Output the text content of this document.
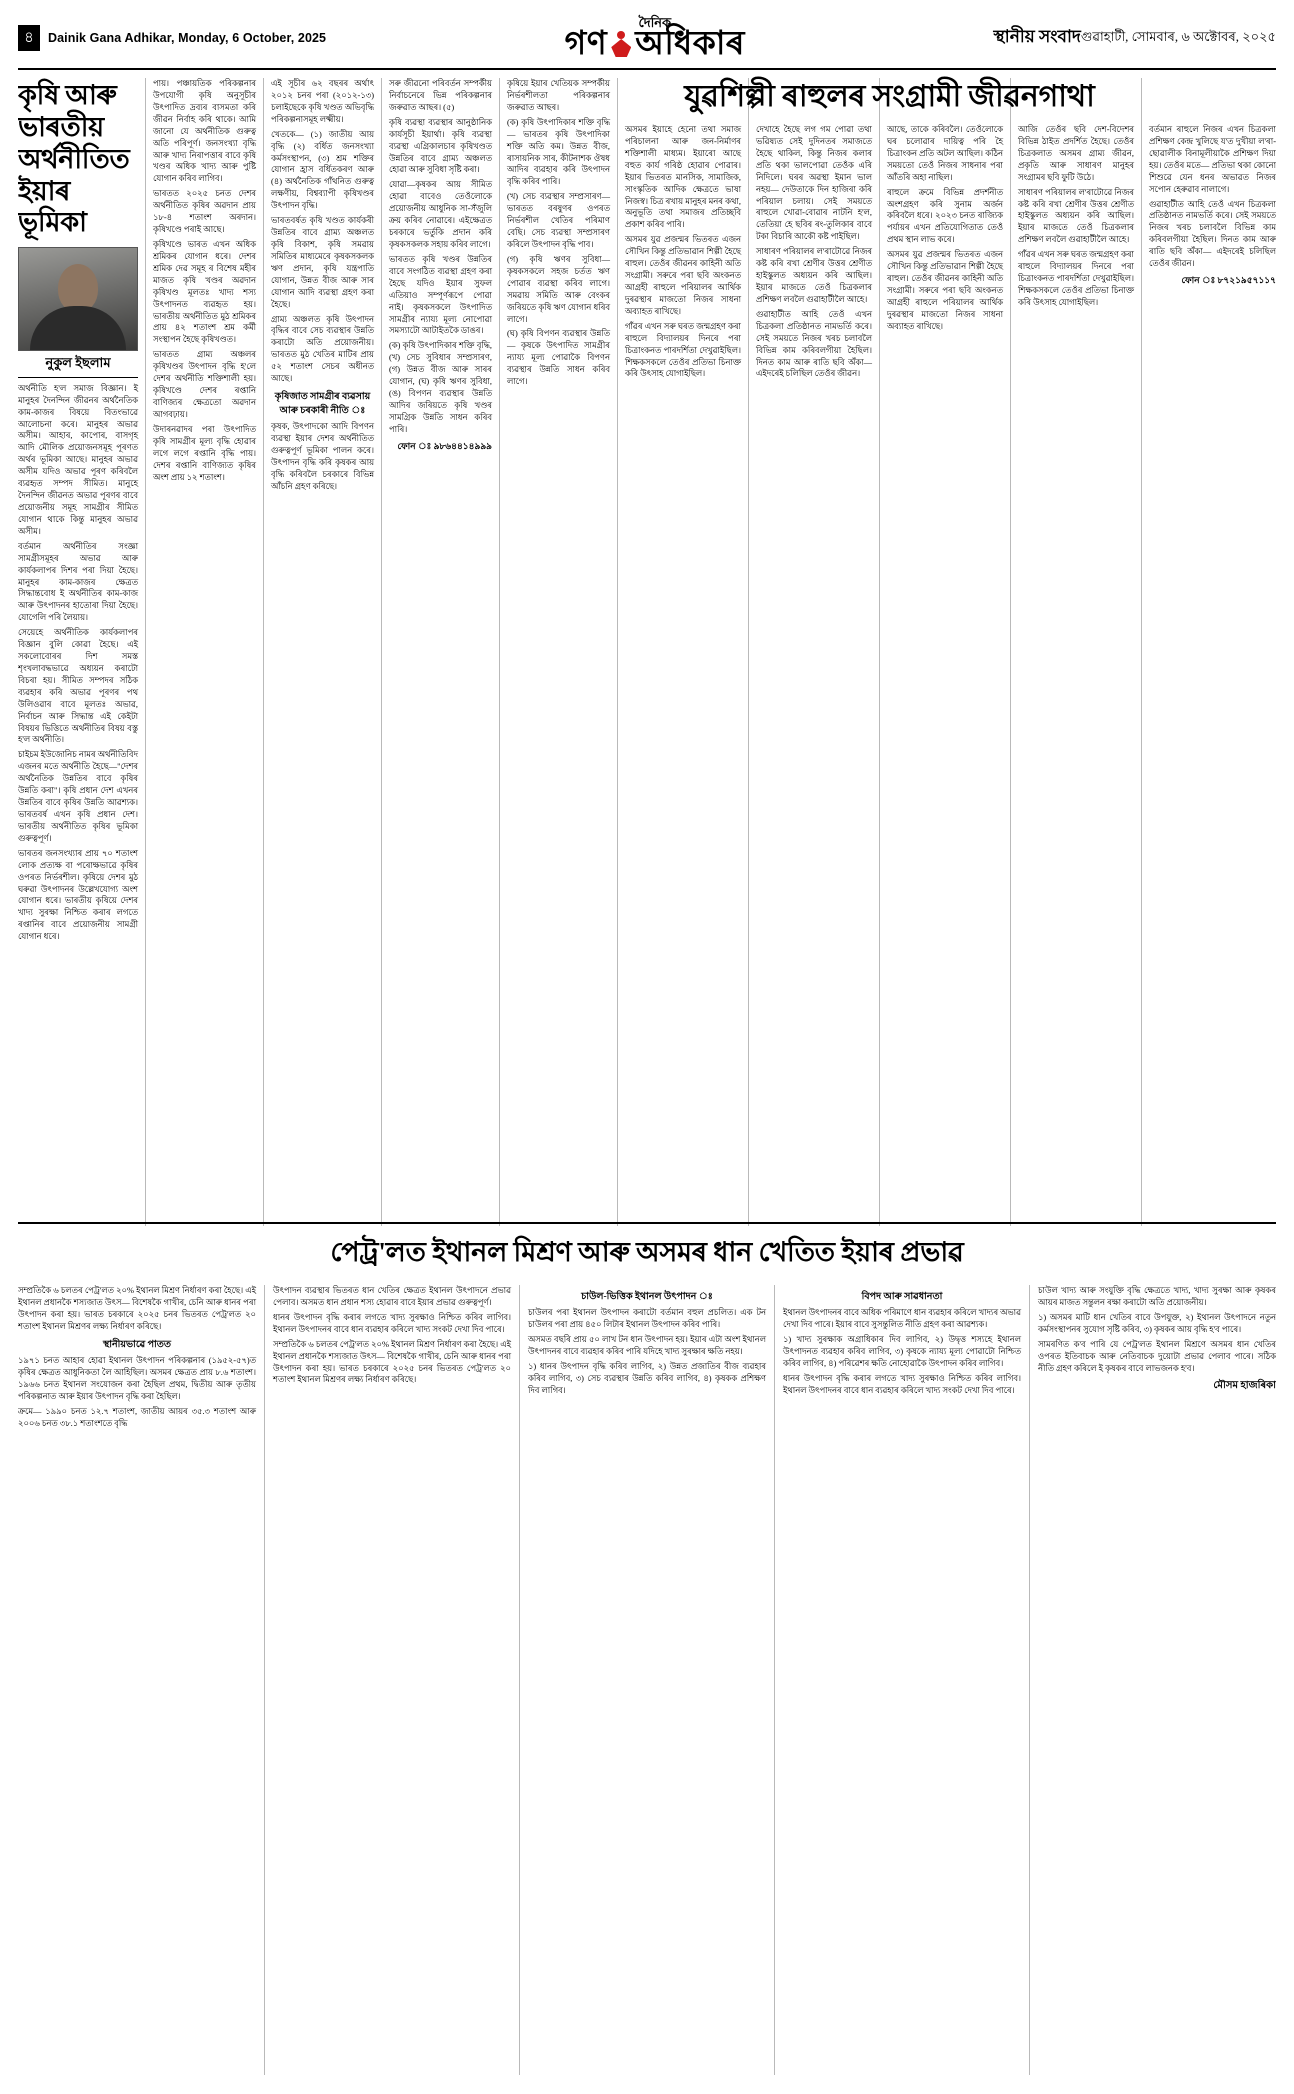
৪	Dainik Gana Adhikar, Monday, 6 October, 2025
দৈনিক
গণ অধিকাৰ	স্থানীয় সংবাদ গুৱাহাটী, সোমবাৰ, ৬ অক্টোবৰ, ২০২৫
কৃষি আৰু ভাৰতীয় অৰ্থনীতিত ইয়াৰ ভূমিকা
নুকুল ইছলাম

অৰ্থনীতি হ'ল সমাজ বিজ্ঞান। ই মানুহৰ দৈনন্দিন জীৱনৰ অৰ্থনৈতিক কাম-কাজৰ বিষয়ে বিতংভাৱে আলোচনা কৰে। মানুহৰ অভাৱ অসীম। আহাৰ, কাপোৰ, বাসগৃহ আদি মৌলিক প্ৰয়োজনসমূহ পূৰণত অৰ্থৰ ভূমিকা আছে। মানুহৰ অভাৱ অসীম যদিও অভাৱ পূৰণ কৰিবলৈ ব্যৱহৃত সম্পদ সীমিত। মানুহে দৈনন্দিন জীৱনত অভাৱ পূৰণৰ বাবে প্ৰয়োজনীয় সমূহ সামগ্ৰীৰ সীমিত যোগান থাকে কিন্তু মানুহৰ অভাৱ অসীম।

বৰ্তমান অৰ্থনীতিৰ সংজ্ঞা সামগ্ৰীসমূহৰ অভাৱ আৰু কাৰ্যকলাপৰ দিশৰ পৰা দিয়া হৈছে। মানুহৰ কাম-কাজৰ ক্ষেত্ৰত সিদ্ধান্তবোধ ই অৰ্থনীতিৰ কাম-কাজ আৰু উৎপাদনৰ হাতোৰা দিয়া হৈছে। যোগেলি পৰি লৈয়ায়।

সেয়েহে অৰ্থনীতিক কাৰ্যকলাপৰ বিজ্ঞান বুলি কোৱা হৈছে। এই সকলোবোৰৰ দিশ সমস্ত শৃংখলাবদ্ধভাৱে অধ্যয়ন কৰাটো বিচৰা হয়। সীমিত সম্পদৰ সঠিক ব্যৱহাৰ কৰি অভাৱ পূৰণৰ পথ উলিওৱাৰ বাবে মূলতঃ অভাৱ, নিৰ্বাচন আৰু সিদ্ধান্ত এই কেইটা বিষয়ৰ ভিত্তিতে অৰ্থনীতিৰ বিষয় বস্তু হ'ল অৰ্থনীতি।

চাইচম ইউজোনিচ নামৰ অৰ্থনীতিবিদ এজনৰ মতে অৰ্থনীতি হৈছে—"দেশৰ অৰ্থনৈতিক উন্নতিৰ বাবে কৃষিৰ উন্নতি কৰা"। কৃষি প্ৰধান দেশ এখনৰ উন্নতিৰ বাবে কৃষিৰ উন্নতি আৱশ্যক। ভাৰতবৰ্ষ এখন কৃষি প্ৰধান দেশ। ভাৰতীয় অৰ্থনীতিত কৃষিৰ ভূমিকা গুৰুত্বপূৰ্ণ।

ভাৰতৰ জনসংখ্যাৰ প্ৰায় ৭০ শতাংশ লোক প্ৰত্যক্ষ বা পৰোক্ষভাৱে কৃষিৰ ওপৰত নিৰ্ভৰশীল। কৃষিয়ে দেশৰ মুঠ ঘৰুৱা উৎপাদনৰ উল্লেখযোগ্য অংশ যোগান ধৰে। ভাৰতীয় কৃষিয়ে দেশৰ খাদ্য সুৰক্ষা নিশ্চিত কৰাৰ লগতে ৰপ্তানিৰ বাবে প্ৰয়োজনীয় সামগ্ৰী যোগান ধৰে।

পায়। পঞ্চায়তিক পৰিকল্পনাৰ উপযোগী কৃষি অনুসূচীৰ উৎপাদিত দ্ৰব্যৰ বাসমতা কৰি জীৱন নিৰ্বাহ কৰি থাকে। আমি জানো যে অৰ্থনীতিক গুৰুত্ব অতি পৰিপূৰ্ণ। জনসংখ্যা বৃদ্ধি আৰু খাদ্য নিৰাপত্তাৰ বাবে কৃষি খণ্ডৰ অধিক খাদ্য আৰু পুষ্টি যোগান কৰিব লাগিব।

ভাৰতত ২০২৫ চনত দেশৰ অৰ্থনীতিত কৃষিৰ অৱদান প্ৰায় ১৮-৪ শতাংশ অৰদান। কৃষিখণ্ডে পৰাই আছে।

কৃষিখণ্ডে ভাৰত এখন অধিক শ্ৰমিকৰ যোগান ধৰে। দেশৰ শ্ৰমিক দেৱ সমূহ ৰ বিশেষ মহীৰ মাজত কৃষি খণ্ডৰ অৱদান কৃষিখণ্ড মূলতঃ খাদ্য শস্য উৎপাদনত ব্যৱহৃত হয়। ভাৰতীয় অৰ্থনীতিত মুঠ শ্ৰমিকৰ প্ৰায় ৪২ শতাংশ শ্ৰম কৰ্মী সংস্থাপন হৈছে কৃষিখণ্ডত।

ভাৰতত গ্ৰাম্য অঞ্চলৰ কৃষিখণ্ডৰ উৎপাদন বৃদ্ধি হ'লে দেশৰ অৰ্থনীতি শক্তিশালী হয়। কৃষিখণ্ডে দেশৰ ৰপ্তানি বাণিজ্যৰ ক্ষেত্ৰতো অৱদান আগবঢ়ায়।

উদাৰনৱাদৰ পৰা উৎপাদিত কৃষি সামগ্ৰীৰ মূল্য বৃদ্ধি হোৱাৰ লগে লগে ৰপ্তানি বৃদ্ধি পায়। দেশৰ ৰপ্তানি বাণিজ্যত কৃষিৰ অংশ প্ৰায় ১২ শতাংশ।

এই সূচীৰ ৬২ বছৰৰ অৰ্থাৎ ২০১২ চনৰ পৰা (২০১২-১৩) চলাইছেকে কৃষি খণ্ডত অভিবৃদ্ধি পৰিকল্পনাসমূহ লক্ষ্মীয়।

খেতকে— (১) জাতীয় আয় বৃদ্ধি (২) বৰ্ধিত জনসংখ্যা কৰ্মসংস্থাপন, (৩) শ্ৰম শক্তিৰ যোগান হ্ৰাস বৰ্ধিতকৰণ আৰু (৪) অৰ্থনৈতিক গাঁথনিত গুৰুত্ব লক্ষণীয়, বিশ্বব্যাপী কৃষিখণ্ডৰ উৎপাদন বৃদ্ধি।

ভাৰতবৰ্ষত কৃষি খণ্ডত কাৰ্যকৰী উন্নতিৰ বাবে গ্ৰাম্য অঞ্চলত কৃষি বিকাশ, কৃষি সমৱায় সমিতিৰ মাধ্যমেৰে কৃষকসকলক ঋণ প্ৰদান, কৃষি যন্ত্ৰপাতি যোগান, উন্নত বীজ আৰু সাৰ যোগান আদি ব্যৱস্থা গ্ৰহণ কৰা হৈছে।

গ্ৰাম্য অঞ্চলত কৃষি উৎপাদন বৃদ্ধিৰ বাবে সেচ ব্যৱস্থাৰ উন্নতি কৰাটো অতি প্ৰয়োজনীয়। ভাৰতত মুঠ খেতিৰ মাটিৰ প্ৰায় ৫২ শতাংশ সেচৰ অধীনত আছে।

কৃষিজাত সামগ্ৰীৰ ব্যৱসায় আৰু চৰকাৰী নীতি ঃ

কৃষক, উৎপাদকো আদি বিপণন ব্যৱস্থা ইয়াৰ দেশৰ অৰ্থনীতিত গুৰুত্বপূৰ্ণ ভূমিকা পালন কৰে। উৎপাদন বৃদ্ধি কৰি কৃষকৰ আয় বৃদ্ধি কৰিবলৈ চৰকাৰে বিভিন্ন আঁচনি গ্ৰহণ কৰিছে।

সৰু জীৱনো পৰিবৰ্তন সম্পৰ্কীয় নিৰ্বাচনেৰে ভিন্ন পৰিকল্পনাৰ জৰুৱাত আছৰ। (৫)

কৃষি ব্যৱস্থা ব্যৱস্থাৰ আনুষ্ঠানিক কাৰ্যসূচী ইয়াৰ্থা। কৃষি ব্যৱস্থা ব্যৱস্থা এগ্ৰিকালচাৰ কৃষিখণ্ডত উন্নতিৰ বাবে গ্ৰাম্য অঞ্চলত হোৱা আৰু সুবিধা সৃষ্টি কৰা।

যোৱা—কৃষকৰ আয় সীমিত হোৱা বাবেও তেওঁলোকে প্ৰয়োজনীয় আধুনিক সা-সঁজুলি ক্ৰয় কৰিব নোৱাৰে। এইক্ষেত্ৰত চৰকাৰে ভৰ্তুকি প্ৰদান কৰি কৃষকসকলক সহায় কৰিব লাগে।

ভাৰতত কৃষি খণ্ডৰ উন্নতিৰ বাবে সংগঠিত ব্যৱস্থা গ্ৰহণ কৰা হৈছে যদিও ইয়াৰ সুফল এতিয়াও সম্পূৰ্ণৰূপে পোৱা নাই। কৃষকসকলে উৎপাদিত সামগ্ৰীৰ ন্যায্য মূল্য নোপোৱা সমস্যাটো আটাইতকৈ ডাঙৰ।

(ক) কৃষি উৎপাদিকাৰ শক্তি বৃদ্ধি, (খ) সেচ সুবিধাৰ সম্প্ৰসাৰণ, (গ) উন্নত বীজ আৰু সাৰৰ যোগান, (ঘ) কৃষি ঋণৰ সুবিধা, (ঙ) বিপণন ব্যৱস্থাৰ উন্নতি আদিৰ জৰিয়তে কৃষি খণ্ডৰ সামগ্ৰিক উন্নতি সাধন কৰিব পাৰি।

ফোন ঃ ৯৮৬৪৪১৪৯৯৯

কৃষিয়ে ইয়াৰ খেতিয়ক সম্পৰ্কীয় নিৰ্ভৰশীলতা পৰিকল্পনাৰ জৰুৱাত আছৰ।

(ক) কৃষি উৎপাদিকাৰ শক্তি বৃদ্ধি— ভাৰতৰ কৃষি উৎপাদিকা শক্তি অতি কম। উন্নত বীজ, ৰাসায়নিক সাৰ, কীটনাশক ঔষধ আদিৰ ব্যৱহাৰ কৰি উৎপাদন বৃদ্ধি কৰিব পাৰি।

(খ) সেচ ব্যৱস্থাৰ সম্প্ৰসাৰণ— ভাৰতত বৰষুণৰ ওপৰত নিৰ্ভৰশীল খেতিৰ পৰিমাণ বেছি। সেচ ব্যৱস্থা সম্প্ৰসাৰণ কৰিলে উৎপাদন বৃদ্ধি পাব।

(গ) কৃষি ঋণৰ সুবিধা— কৃষকসকলে সহজ চৰ্তত ঋণ পোৱাৰ ব্যৱস্থা কৰিব লাগে। সমৱায় সমিতি আৰু বেংকৰ জৰিয়তে কৃষি ঋণ যোগান ধৰিব লাগে।

(ঘ) কৃষি বিপণন ব্যৱস্থাৰ উন্নতি— কৃষকে উৎপাদিত সামগ্ৰীৰ ন্যায্য মূল্য পোৱাকৈ বিপণন ব্যৱস্থাৰ উন্নতি সাধন কৰিব লাগে।

অসমৰ ইয়াহে হেনো তথা সমাজ পৰিচালনা আৰু জন-নিৰ্মাণৰ শক্তিশালী মাধ্যম। ইয়াৰো আছে বহুত কাৰ্য গৰিষ্ঠ হোৱাৰ পোৱাৰ। ইয়াৰ ভিতৰত মানসিক, সামাজিক, সাংস্কৃতিক আদিক ক্ষেত্ৰতে ভাষা নিজস্ব। চিত্ৰ ৰখায় মানুহৰ মনৰ কথা, অনুভূতি তথা সমাজৰ প্ৰতিচ্ছবি প্ৰকাশ কৰিব পাৰি।

অসমৰ যুৱ প্ৰজন্মৰ ভিতৰত এজন সৌখিন কিন্তু প্ৰতিভাৱান শিল্পী হৈছে ৰাহুল। তেওঁৰ জীৱনৰ কাহিনী অতি সংগ্ৰামী। সৰুৰে পৰা ছবি অংকনত আগ্ৰহী ৰাহুলে পৰিয়ালৰ আৰ্থিক দুৰৱস্থাৰ মাজতো নিজৰ সাধনা অব্যাহত ৰাখিছে।

গাঁৱৰ এখন সৰু ঘৰত জন্মগ্ৰহণ কৰা ৰাহুলে বিদ্যালয়ৰ দিনৰে পৰা চিত্ৰাংকনত পাৰদৰ্শিতা দেখুৱাইছিল। শিক্ষকসকলে তেওঁৰ প্ৰতিভা চিনাক্ত কৰি উৎসাহ যোগাইছিল।

দেখাহে হৈছে লগ গম পোৱা তথা ভৱিষ্যত সেই দুদিনতৰ সমাজতে হৈছে থাকিল, কিন্তু নিজৰ কলাৰ প্ৰতি থকা ভালপোৱা তেওঁক এৰি নিদিলে। ঘৰৰ অৱস্থা ইমান ভাল নহয়— দেউতাকে দিন হাজিৰা কৰি পৰিয়াল চলায়। সেই সময়তে ৰাহুলে খোৱা-বোৱাৰ নাটনি হ'ল, তেতিয়া হে ছবিৰ ৰং-তুলিকাৰ বাবে টকা বিচাৰি আকৌ কষ্ট পাইছিল।

সাধাৰণ পৰিয়ালৰ ল'ৰাটোৱে নিজৰ কষ্ট কৰি ৰখা শ্ৰেণীৰ উত্তৰ শ্ৰেণীত হাইস্কুলত অধ্যয়ন কৰি আছিল। ইয়াৰ মাজতে তেওঁ চিত্ৰকলাৰ প্ৰশিক্ষণ লবলৈ গুৱাহাটীলৈ আহে।

গুৱাহাটীত আহি তেওঁ এখন চিত্ৰকলা প্ৰতিষ্ঠানত নামভৰ্তি কৰে। সেই সময়তে নিজৰ খৰচ চলাবলৈ বিভিন্ন কাম কৰিবলগীয়া হৈছিল। দিনত কাম আৰু ৰাতি ছবি অঁকা— এইদৰেই চলিছিল তেওঁৰ জীৱন।

আছে, তাকে কৰিবলৈ। তেওঁলোকে ঘৰ চলোৱাৰ দায়িত্ব পৰি হৈ চিত্ৰাংকন প্ৰতি অটল আছিল। কঠিন সময়তো তেওঁ নিজৰ সাধনাৰ পৰা আঁতৰি অহা নাছিল।

ৰাহুলে ক্ৰমে বিভিন্ন প্ৰদৰ্শনীত অংশগ্ৰহণ কৰি সুনাম অৰ্জন কৰিবলৈ ধৰে। ২০২৩ চনত ৰাজ্যিক পৰ্যায়ৰ এখন প্ৰতিযোগিতাত তেওঁ প্ৰথম স্থান লাভ কৰে।

অসমৰ যুৱ প্ৰজন্মৰ ভিতৰত এজন সৌখিন কিন্তু প্ৰতিভাৱান শিল্পী হৈছে ৰাহুল। তেওঁৰ জীৱনৰ কাহিনী অতি সংগ্ৰামী। সৰুৰে পৰা ছবি অংকনত আগ্ৰহী ৰাহুলে পৰিয়ালৰ আৰ্থিক দুৰৱস্থাৰ মাজতো নিজৰ সাধনা অব্যাহত ৰাখিছে।

আজি তেওঁৰ ছবি দেশ-বিদেশৰ বিভিন্ন ঠাইত প্ৰদৰ্শিত হৈছে। তেওঁৰ চিত্ৰকলাত অসমৰ গ্ৰাম্য জীৱন, প্ৰকৃতি আৰু সাধাৰণ মানুহৰ সংগ্ৰামৰ ছবি ফুটি উঠে।

সাধাৰণ পৰিয়ালৰ ল'ৰাটোৱে নিজৰ কষ্ট কৰি ৰখা শ্ৰেণীৰ উত্তৰ শ্ৰেণীত হাইস্কুলত অধ্যয়ন কৰি আছিল। ইয়াৰ মাজতে তেওঁ চিত্ৰকলাৰ প্ৰশিক্ষণ লবলৈ গুৱাহাটীলৈ আহে।

গাঁৱৰ এখন সৰু ঘৰত জন্মগ্ৰহণ কৰা ৰাহুলে বিদ্যালয়ৰ দিনৰে পৰা চিত্ৰাংকনত পাৰদৰ্শিতা দেখুৱাইছিল। শিক্ষকসকলে তেওঁৰ প্ৰতিভা চিনাক্ত কৰি উৎসাহ যোগাইছিল।

বৰ্তমান ৰাহুলে নিজৰ এখন চিত্ৰকলা প্ৰশিক্ষণ কেন্দ্ৰ খুলিছে য'ত দুখীয়া ল'ৰা-ছোৱালীক বিনামূলীয়াকৈ প্ৰশিক্ষণ দিয়া হয়। তেওঁৰ মতে— প্ৰতিভা থকা কোনো শিশুৱে যেন ধনৰ অভাৱত নিজৰ সপোন হেৰুৱাব নালাগে।

গুৱাহাটীত আহি তেওঁ এখন চিত্ৰকলা প্ৰতিষ্ঠানত নামভৰ্তি কৰে। সেই সময়তে নিজৰ খৰচ চলাবলৈ বিভিন্ন কাম কৰিবলগীয়া হৈছিল। দিনত কাম আৰু ৰাতি ছবি অঁকা— এইদৰেই চলিছিল তেওঁৰ জীৱন।

ফোন ঃ ৮৭২১৯৫৭১১৭
যুৱশিল্পী ৰাহুলৰ সংগ্ৰামী জীৱনগাথা
পেট্ৰ'লত ইথানল মিশ্ৰণ আৰু অসমৰ ধান খেতিত ইয়াৰ প্ৰভাৱ

সম্প্ৰতিকৈ ৬ চলতৰ পেট্ৰ'লত ২০% ইথানল মিশ্ৰণ নিৰ্ধাৰণ কৰা হৈছে। এই ইথানল প্ৰধানকৈ শস্যজাত উৎস— বিশেষকৈ গাখীৰ, চেনি আৰু ধানৰ পৰা উৎপাদন কৰা হয়। ভাৰত চৰকাৰে ২০২৫ চনৰ ভিতৰত পেট্ৰ'লত ২০ শতাংশ ইথানল মিশ্ৰণৰ লক্ষ্য নিৰ্ধাৰণ কৰিছে।

স্থানীয়ভাৱে পাতত

১৯৭১ চনত আহাৰ হোৱা ইথানল উৎপাদন পৰিকল্পনাৰ (১৯৫২-৫৭)ত কৃষিৰ ক্ষেত্ৰত আধুনিকতা লৈ আহিছিল। অসমৰ ক্ষেত্ৰত প্ৰায় ৮.৬ শতাংশ। ১৯৬৬ চনত ইথানল সংযোজন কৰা হৈছিল প্ৰথম, দ্বিতীয় আৰু তৃতীয় পৰিকল্পনাত আৰু ইয়াৰ উৎপাদন বৃদ্ধি কৰা হৈছিল।

ক্ৰমে— ১৯৯০ চনত ১২.৭ শতাংশ, জাতীয় আয়ৰ ৩৫.৩ শতাংশ আৰু ২০০৬ চনত ৩৮.১ শতাংশতে বৃদ্ধি

উৎপাদন ব্যৱস্থাৰ ভিতৰত ধান খেতিৰ ক্ষেত্ৰত ইথানল উৎপাদনে প্ৰভাৱ পেলাব। অসমত ধান প্ৰধান শস্য হোৱাৰ বাবে ইয়াৰ প্ৰভাৱ গুৰুত্বপূৰ্ণ।

ধানৰ উৎপাদন বৃদ্ধি কৰাৰ লগতে খাদ্য সুৰক্ষাও নিশ্চিত কৰিব লাগিব। ইথানল উৎপাদনৰ বাবে ধান ব্যৱহাৰ কৰিলে খাদ্য সংকট দেখা দিব পাৰে।

সম্প্ৰতিকৈ ৬ চলতৰ পেট্ৰ'লত ২০% ইথানল মিশ্ৰণ নিৰ্ধাৰণ কৰা হৈছে। এই ইথানল প্ৰধানকৈ শস্যজাত উৎস— বিশেষকৈ গাখীৰ, চেনি আৰু ধানৰ পৰা উৎপাদন কৰা হয়। ভাৰত চৰকাৰে ২০২৫ চনৰ ভিতৰত পেট্ৰ'লত ২০ শতাংশ ইথানল মিশ্ৰণৰ লক্ষ্য নিৰ্ধাৰণ কৰিছে।

চাউল-ভিত্তিক ইথানল উৎপাদন ঃ

চাউলৰ পৰা ইথানল উৎপাদন কৰাটো বৰ্তমান বহুল প্ৰচলিত। এক টন চাউলৰ পৰা প্ৰায় ৪৫০ লিটাৰ ইথানল উৎপাদন কৰিব পাৰি।

অসমত বছৰি প্ৰায় ৫০ লাখ টন ধান উৎপাদন হয়। ইয়াৰ এটা অংশ ইথানল উৎপাদনৰ বাবে ব্যৱহাৰ কৰিব পাৰি যদিহে খাদ্য সুৰক্ষাৰ ক্ষতি নহয়।

১) ধানৰ উৎপাদন বৃদ্ধি কৰিব লাগিব, ২) উন্নত প্ৰজাতিৰ বীজ ব্যৱহাৰ কৰিব লাগিব, ৩) সেচ ব্যৱস্থাৰ উন্নতি কৰিব লাগিব, ৪) কৃষকক প্ৰশিক্ষণ দিব লাগিব।

বিপদ আৰু সাৱধানতা

ইথানল উৎপাদনৰ বাবে অধিক পৰিমাণে ধান ব্যৱহাৰ কৰিলে খাদ্যৰ অভাৱ দেখা দিব পাৰে। ইয়াৰ বাবে সুসন্তুলিত নীতি গ্ৰহণ কৰা আৱশ্যক।

১) খাদ্য সুৰক্ষাক অগ্ৰাধিকাৰ দিব লাগিব, ২) উদ্বৃত্ত শস্যহে ইথানল উৎপাদনত ব্যৱহাৰ কৰিব লাগিব, ৩) কৃষকে ন্যায্য মূল্য পোৱাটো নিশ্চিত কৰিব লাগিব, ৪) পৰিৱেশৰ ক্ষতি নোহোৱাকৈ উৎপাদন কৰিব লাগিব।

ধানৰ উৎপাদন বৃদ্ধি কৰাৰ লগতে খাদ্য সুৰক্ষাও নিশ্চিত কৰিব লাগিব। ইথানল উৎপাদনৰ বাবে ধান ব্যৱহাৰ কৰিলে খাদ্য সংকট দেখা দিব পাৰে।

চাউল খাদ্য আৰু সংযুক্তি বৃদ্ধি ক্ষেত্ৰতে খাদ্য, খাদ্য সুৰক্ষা আৰু কৃষকৰ আয়ৰ মাজত সন্তুলন ৰক্ষা কৰাটো অতি প্ৰয়োজনীয়।

১) অসমৰ মাটি ধান খেতিৰ বাবে উপযুক্ত, ২) ইথানল উৎপাদনে নতুন কৰ্মসংস্থাপনৰ সুযোগ সৃষ্টি কৰিব, ৩) কৃষকৰ আয় বৃদ্ধি হ'ব পাৰে।

সামৰণিত ক'ব পাৰি যে পেট্ৰ'লত ইথানল মিশ্ৰণে অসমৰ ধান খেতিৰ ওপৰত ইতিবাচক আৰু নেতিবাচক দুয়োটা প্ৰভাৱ পেলাব পাৰে। সঠিক নীতি গ্ৰহণ কৰিলে ই কৃষকৰ বাবে লাভজনক হ'ব।

মৌসম হাজৰিকা
